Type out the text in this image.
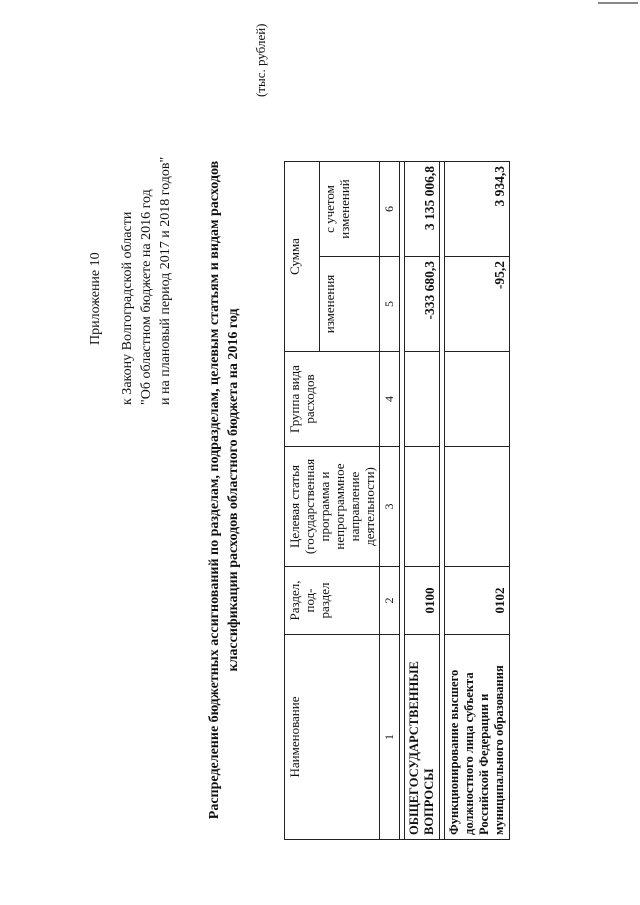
Приложение 10 к Закону Волгоградской области "Об областном бюджете на 2016 год и на плановый период 2017 и 2018 годов" Распределение бюджетных ассигнований по разделам, подразделам, целевым статьям и видам расходов классификации расходов областного бюджета на 2016 год
(тыс. рублей)
Наименование	Раздел, под-раздел	Целевая статья (государственная программа и непрограммное направление деятельности)	Группа вида расходов	Сумма	
				изменения	с учетом изменений
1	2	3	4	5	6

ОБЩЕГОСУДАРСТВЕННЫЕ ВОПРОСЫ	0100			-333 680,3	3 135 006,8

Функционирование высшего должностного лица субъекта Российской Федерации и муниципального образования	0102			-95,2	3 934,3
